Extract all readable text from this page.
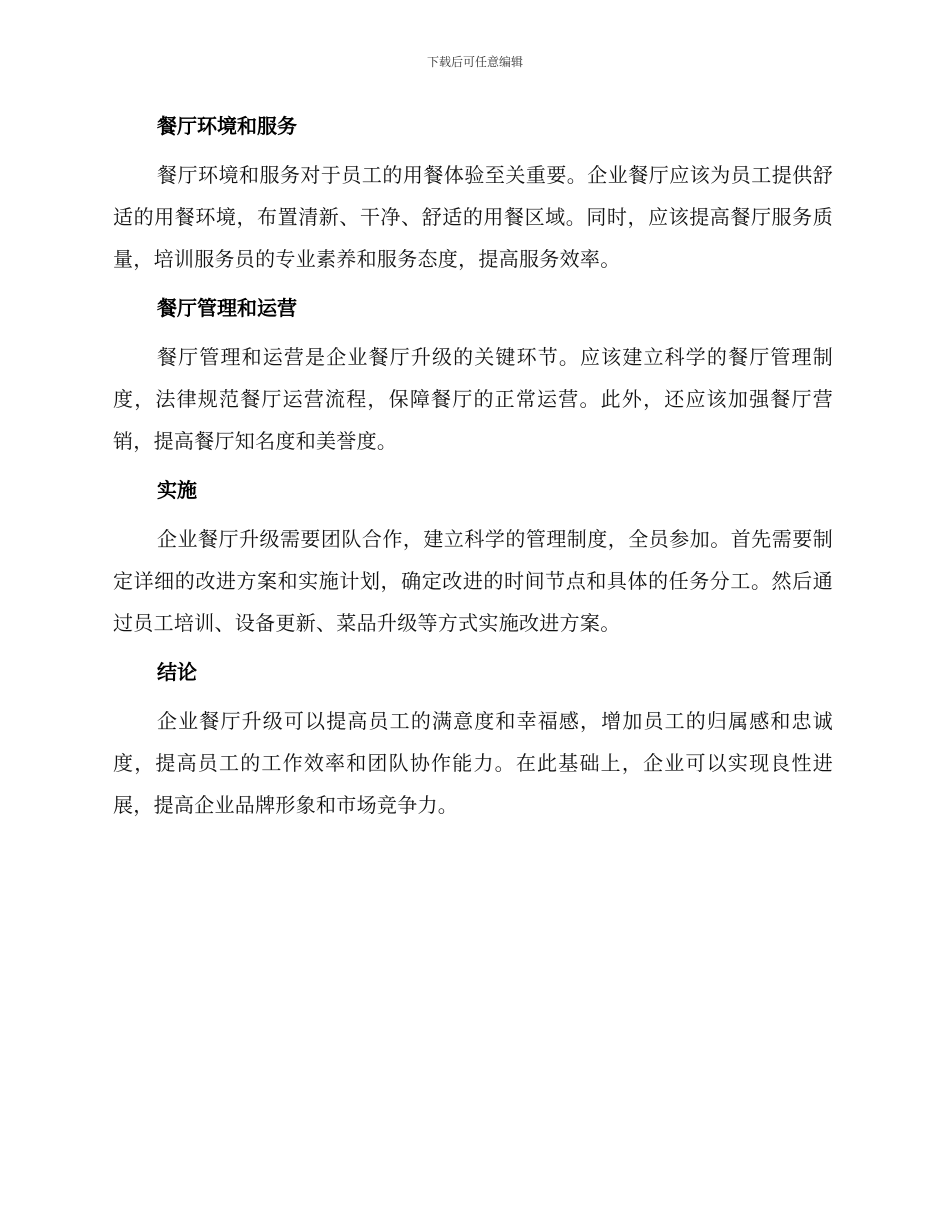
下载后可任意编辑
餐厅环境和服务

餐厅环境和服务对于员工的用餐体验至关重要。企业餐厅应该为员工提供舒适的用餐环境，布置清新、干净、舒适的用餐区域。同时，应该提高餐厅服务质量，培训服务员的专业素养和服务态度，提高服务效率。

餐厅管理和运营

餐厅管理和运营是企业餐厅升级的关键环节。应该建立科学的餐厅管理制度，法律规范餐厅运营流程，保障餐厅的正常运营。此外，还应该加强餐厅营销，提高餐厅知名度和美誉度。

实施

企业餐厅升级需要团队合作，建立科学的管理制度，全员参加。首先需要制定详细的改进方案和实施计划，确定改进的时间节点和具体的任务分工。然后通过员工培训、设备更新、菜品升级等方式实施改进方案。

结论

企业餐厅升级可以提高员工的满意度和幸福感，增加员工的归属感和忠诚度，提高员工的工作效率和团队协作能力。在此基础上，企业可以实现良性进展，提高企业品牌形象和市场竞争力。
